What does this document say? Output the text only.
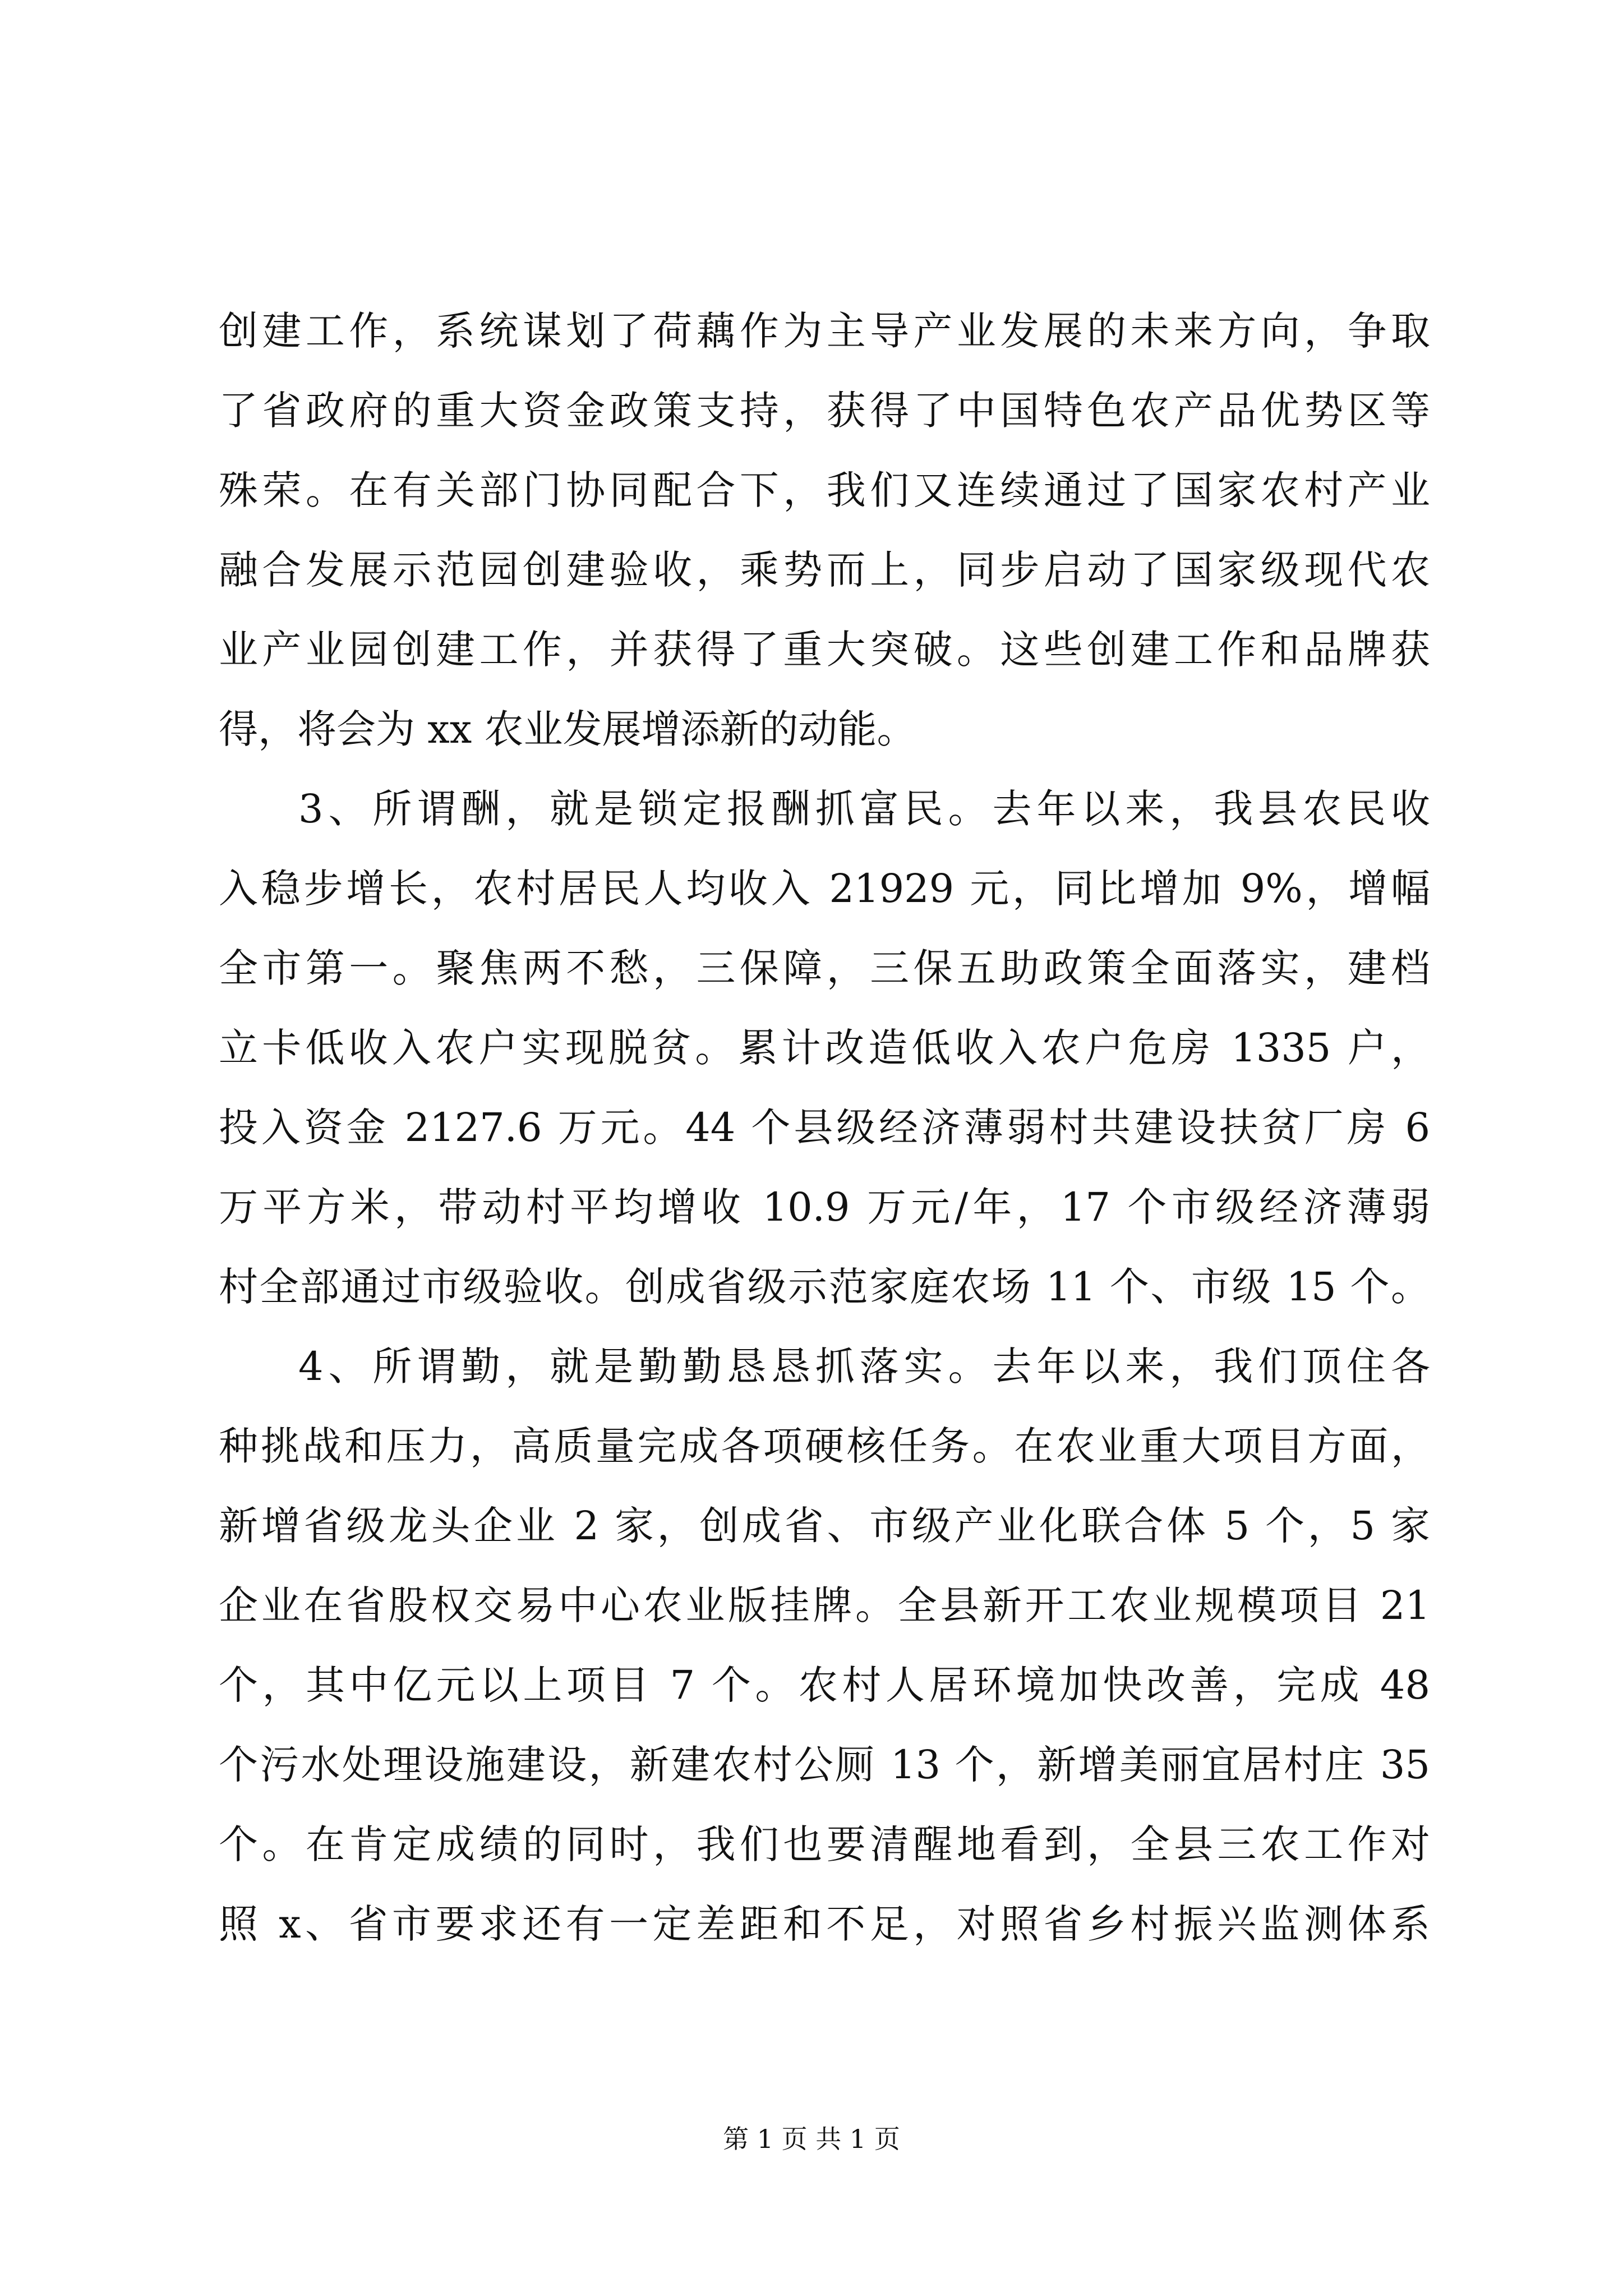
创建工作，系统谋划了荷藕作为主导产业发展的未来方向，争取
了省政府的重大资金政策支持，获得了中国特色农产品优势区等
殊荣。在有关部门协同配合下，我们又连续通过了国家农村产业
融合发展示范园创建验收，乘势而上，同步启动了国家级现代农
业产业园创建工作，并获得了重大突破。这些创建工作和品牌获
得，将会为 xx 农业发展增添新的动能。
3、所谓酬，就是锁定报酬抓富民。去年以来，我县农民收
入稳步增长，农村居民人均收入 21929 元，同比增加 9%，增幅
全市第一。聚焦两不愁，三保障，三保五助政策全面落实，建档
立卡低收入农户实现脱贫。累计改造低收入农户危房 1335 户，
投入资金 2127.6 万元。44 个县级经济薄弱村共建设扶贫厂房 6
万平方米，带动村平均增收 10.9 万元/年，17 个市级经济薄弱
村全部通过市级验收。创成省级示范家庭农场 11 个、市级 15 个。
4、所谓勤，就是勤勤恳恳抓落实。去年以来，我们顶住各
种挑战和压力，高质量完成各项硬核任务。在农业重大项目方面，
新增省级龙头企业 2 家，创成省、市级产业化联合体 5 个，5 家
企业在省股权交易中心农业版挂牌。全县新开工农业规模项目 21
个，其中亿元以上项目 7 个。农村人居环境加快改善，完成 48
个污水处理设施建设，新建农村公厕 13 个，新增美丽宜居村庄 35
个。在肯定成绩的同时，我们也要清醒地看到，全县三农工作对
照 x、省市要求还有一定差距和不足，对照省乡村振兴监测体系
第 1 页 共 1 页
